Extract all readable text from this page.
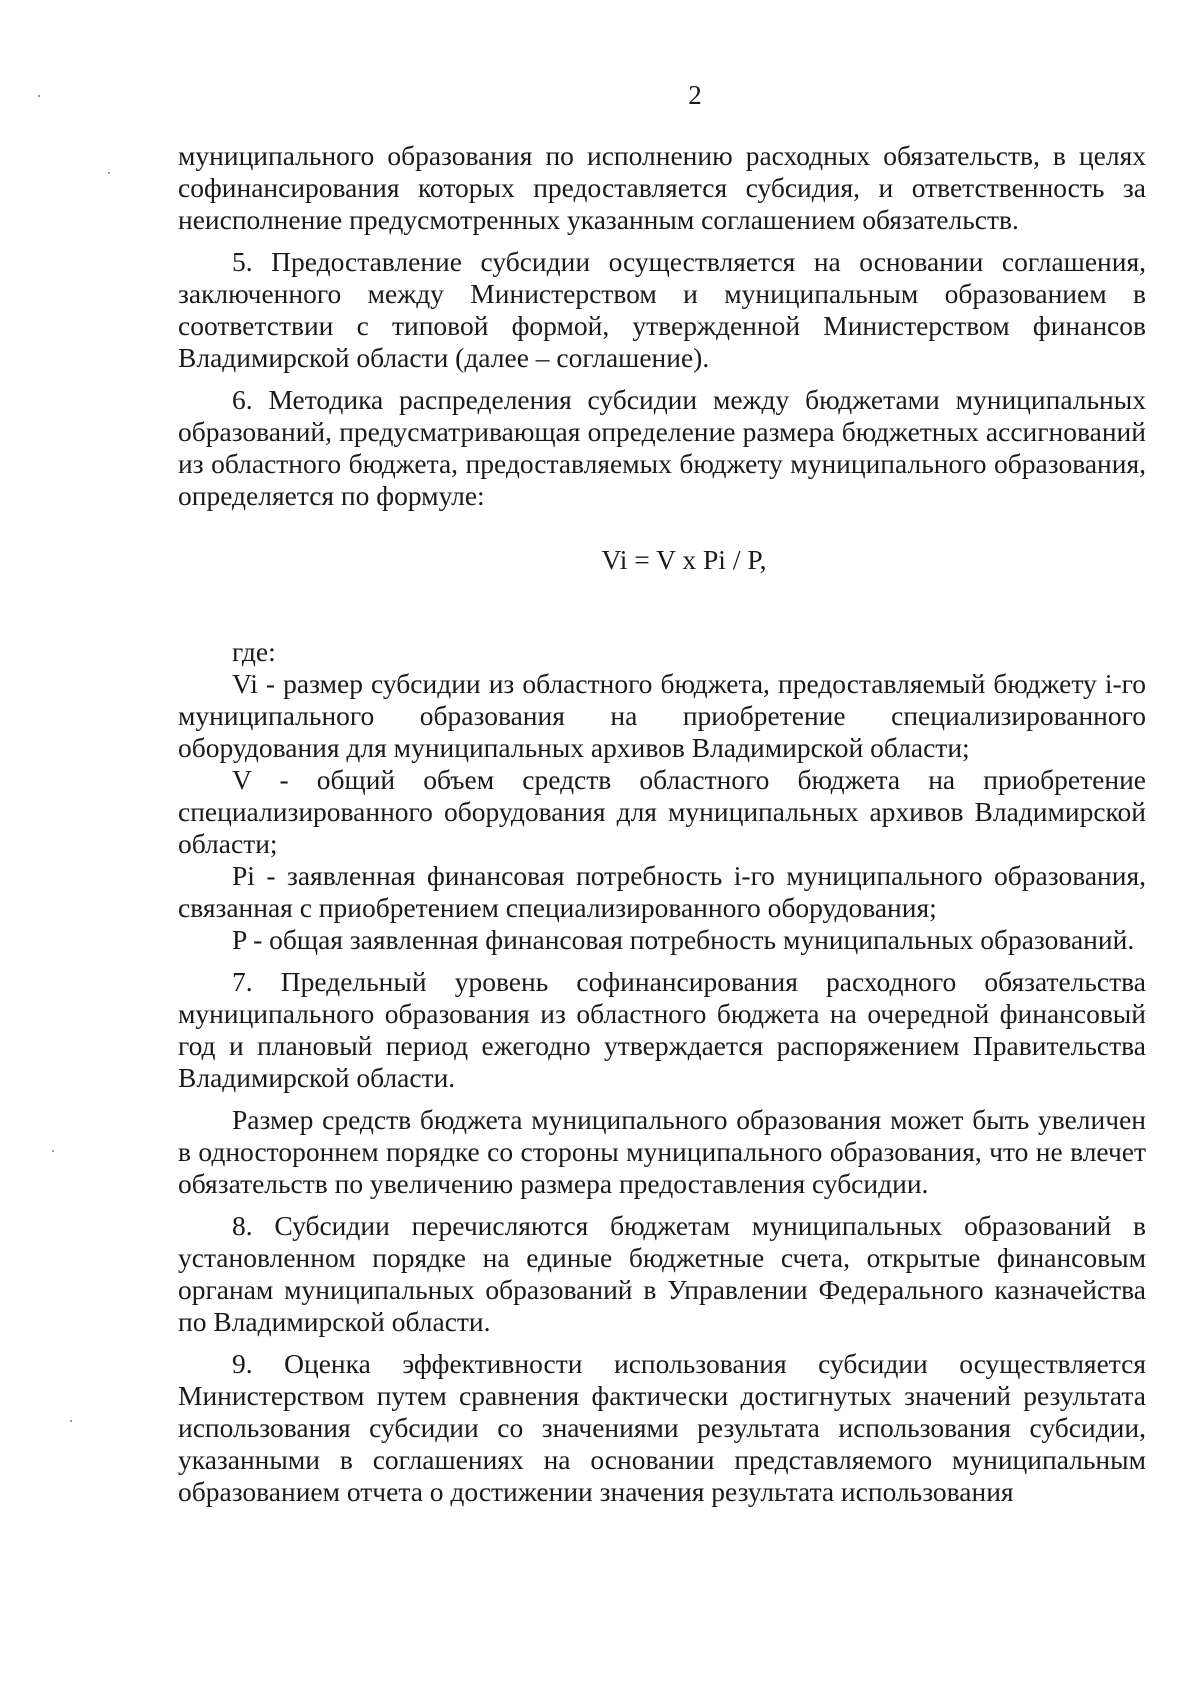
2

муниципального образования по исполнению расходных обязательств, в целях софинансирования которых предоставляется субсидия, и ответственность за неисполнение предусмотренных указанным соглашением обязательств.

5. Предоставление субсидии осуществляется на основании соглашения, заключенного между Министерством и муниципальным образованием в соответствии с типовой формой, утвержденной Министерством финансов Владимирской области (далее – соглашение).

6. Методика распределения субсидии между бюджетами муниципальных образований, предусматривающая определение размера бюджетных ассигнований из областного бюджета, предоставляемых бюджету муниципального образования, определяется по формуле:

Vi = V x Pi / P,

где:

Vi - размер субсидии из областного бюджета, предоставляемый бюджету i-го муниципального образования на приобретение специализированного оборудования для муниципальных архивов Владимирской области;

V - общий объем средств областного бюджета на приобретение специализированного оборудования для муниципальных архивов Владимирской области;

Pi - заявленная финансовая потребность i-го муниципального образования, связанная с приобретением специализированного оборудования;

P - общая заявленная финансовая потребность муниципальных образований.

7. Предельный уровень софинансирования расходного обязательства муниципального образования из областного бюджета на очередной финансовый год и плановый период ежегодно утверждается распоряжением Правительства Владимирской области.

Размер средств бюджета муниципального образования может быть увеличен в одностороннем порядке со стороны муниципального образования, что не влечет обязательств по увеличению размера предоставления субсидии.

8. Субсидии перечисляются бюджетам муниципальных образований в установленном порядке на единые бюджетные счета, открытые финансовым органам муниципальных образований в Управлении Федерального казначейства по Владимирской области.

9. Оценка эффективности использования субсидии осуществляется Министерством путем сравнения фактически достигнутых значений результата использования субсидии со значениями результата использования субсидии, указанными в соглашениях на основании представляемого муниципальным образованием отчета о достижении значения результата использования
